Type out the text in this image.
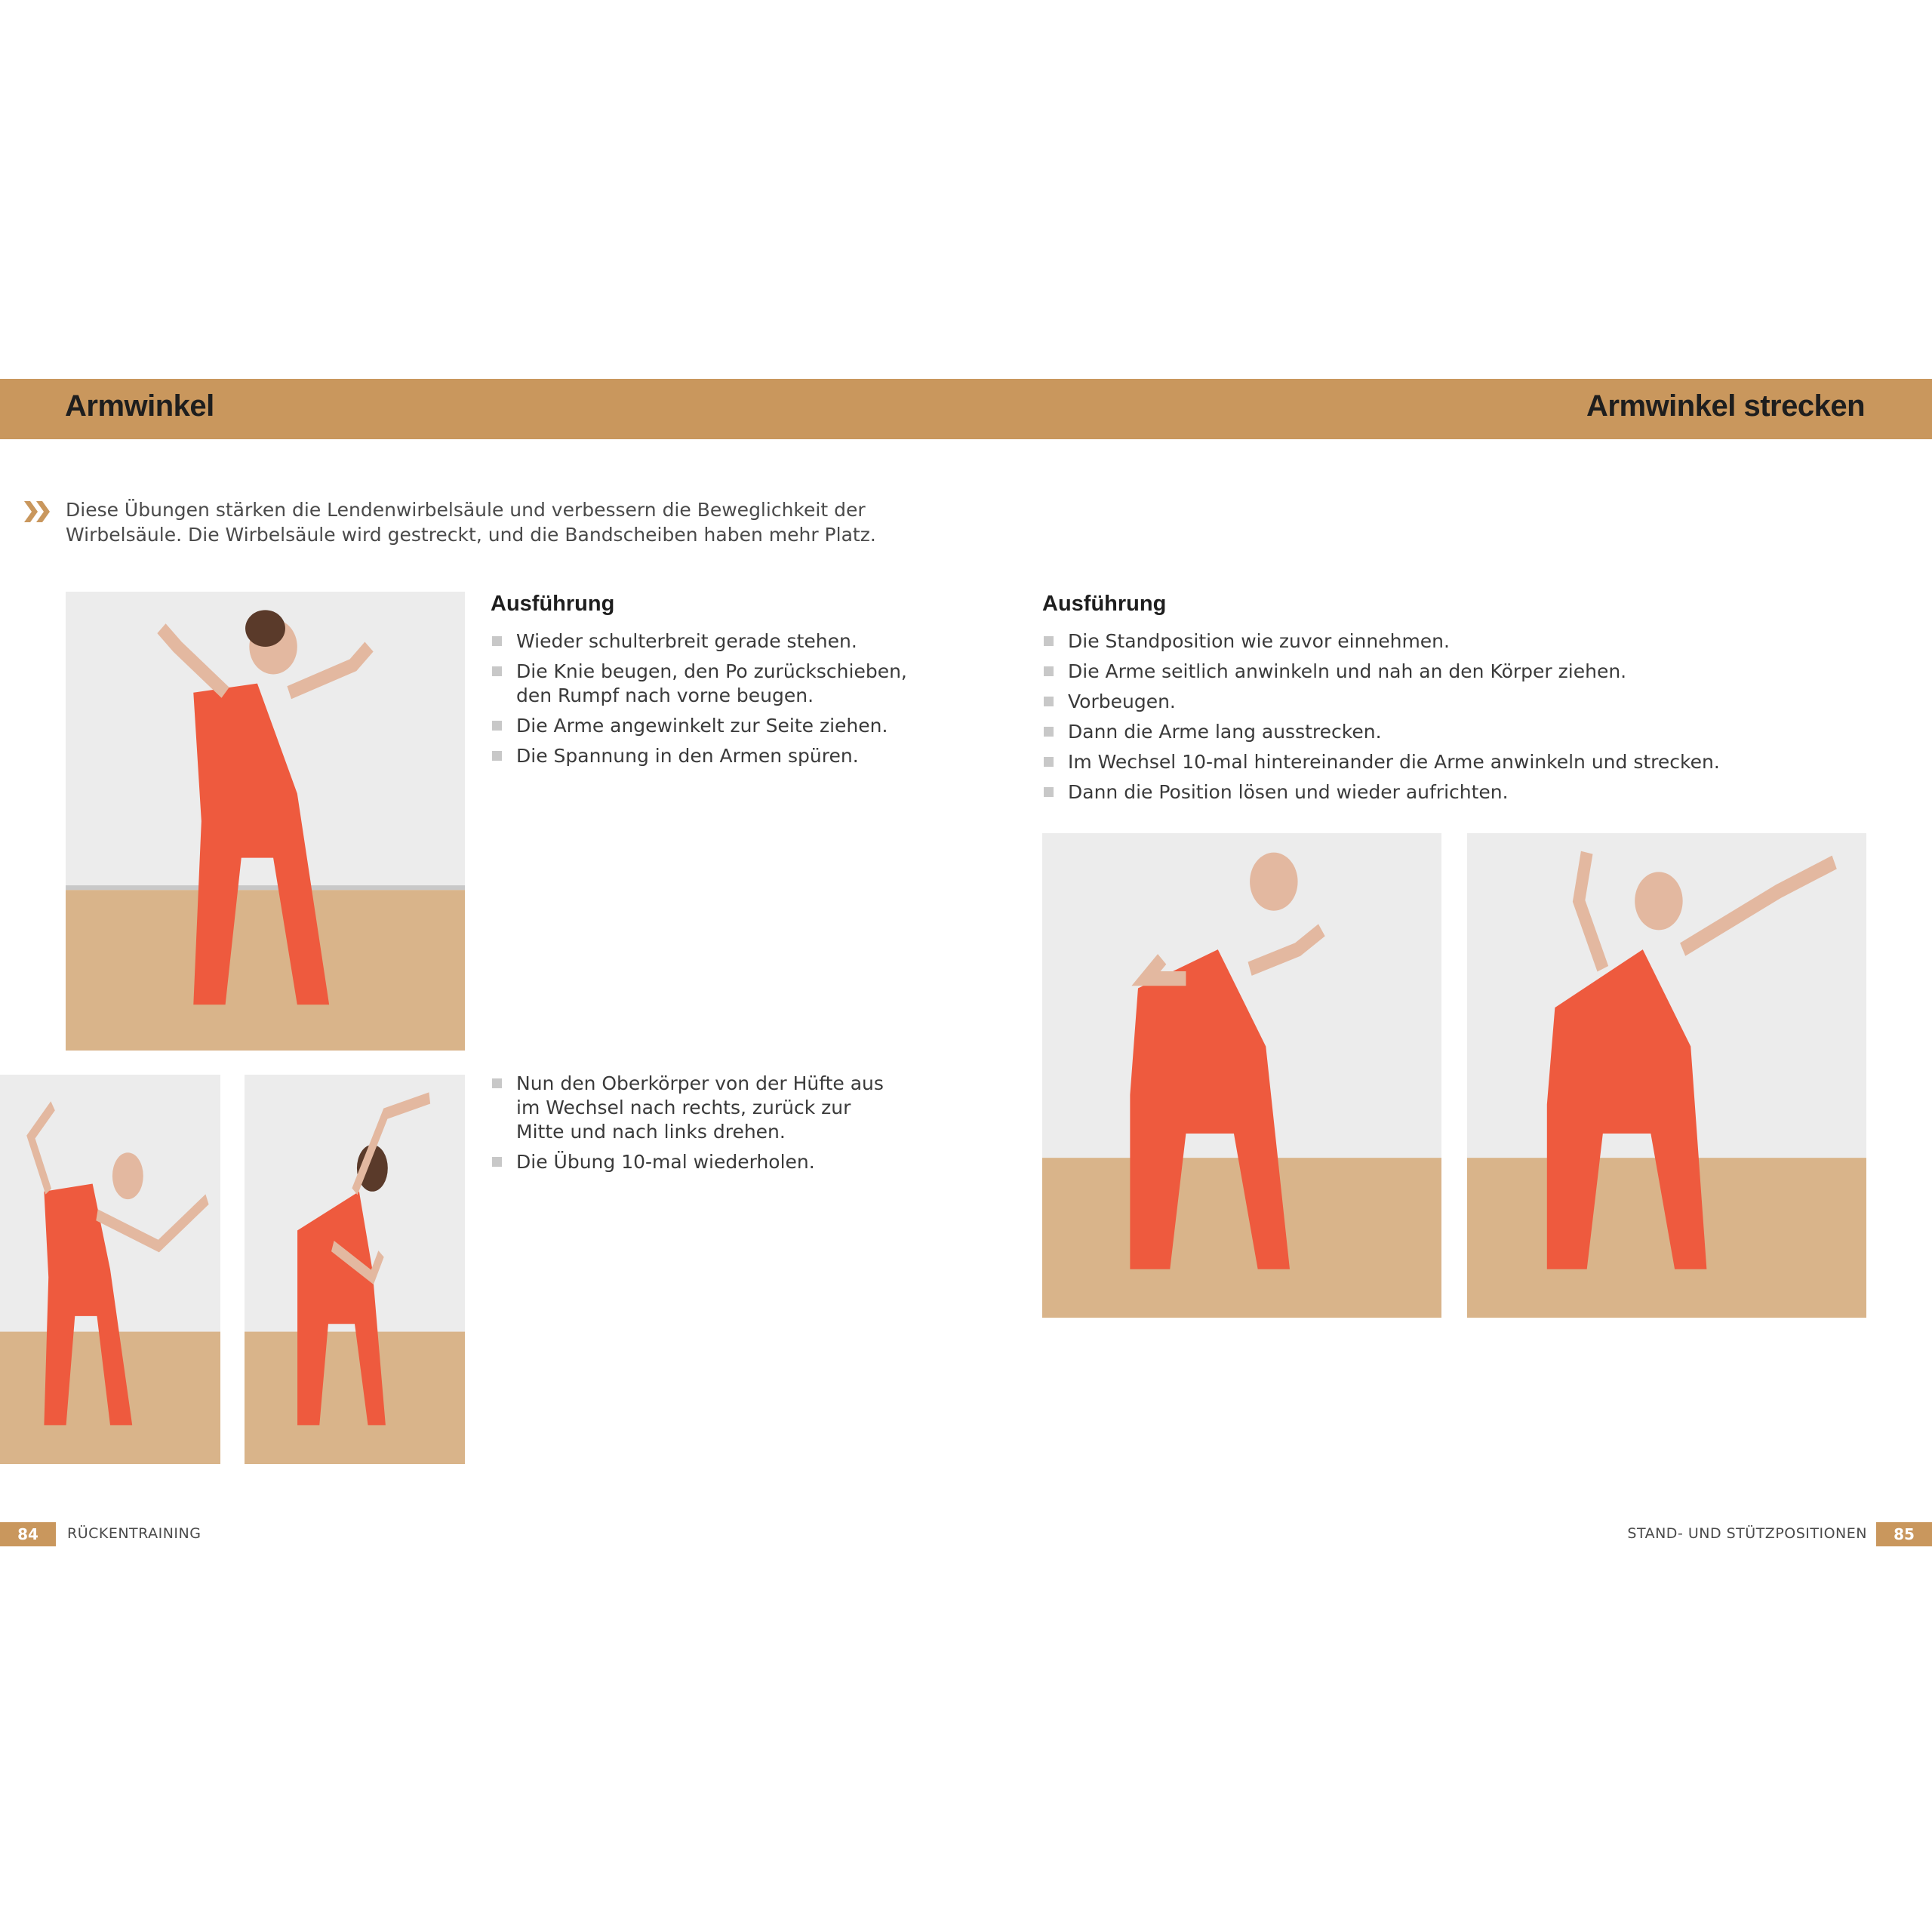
Armwinkel	Armwinkel strecken
Diese Übungen stärken die Lendenwirbelsäule und verbessern die Beweglichkeit der Wirbelsäule. Die Wirbelsäule wird gestreckt, und die Bandscheiben haben mehr Platz.
Ausführung
Wieder schulterbreit gerade stehen.
Die Knie beugen, den Po zurückschieben, den Rumpf nach vorne beugen.
Die Arme angewinkelt zur Seite ziehen.
Die Spannung in den Armen spüren.
Nun den Oberkörper von der Hüfte aus im Wechsel nach rechts, zurück zur Mitte und nach links drehen.
Die Übung 10-mal wiederholen.
Ausführung
Die Standposition wie zuvor einnehmen.
Die Arme seitlich anwinkeln und nah an den Körper ziehen.
Vorbeugen.
Dann die Arme lang ausstrecken.
Im Wechsel 10-mal hintereinander die Arme anwinkeln und strecken.
Dann die Position lösen und wieder aufrichten.
84	RÜCKENTRAINING	STAND- UND STÜTZPOSITIONEN	85
